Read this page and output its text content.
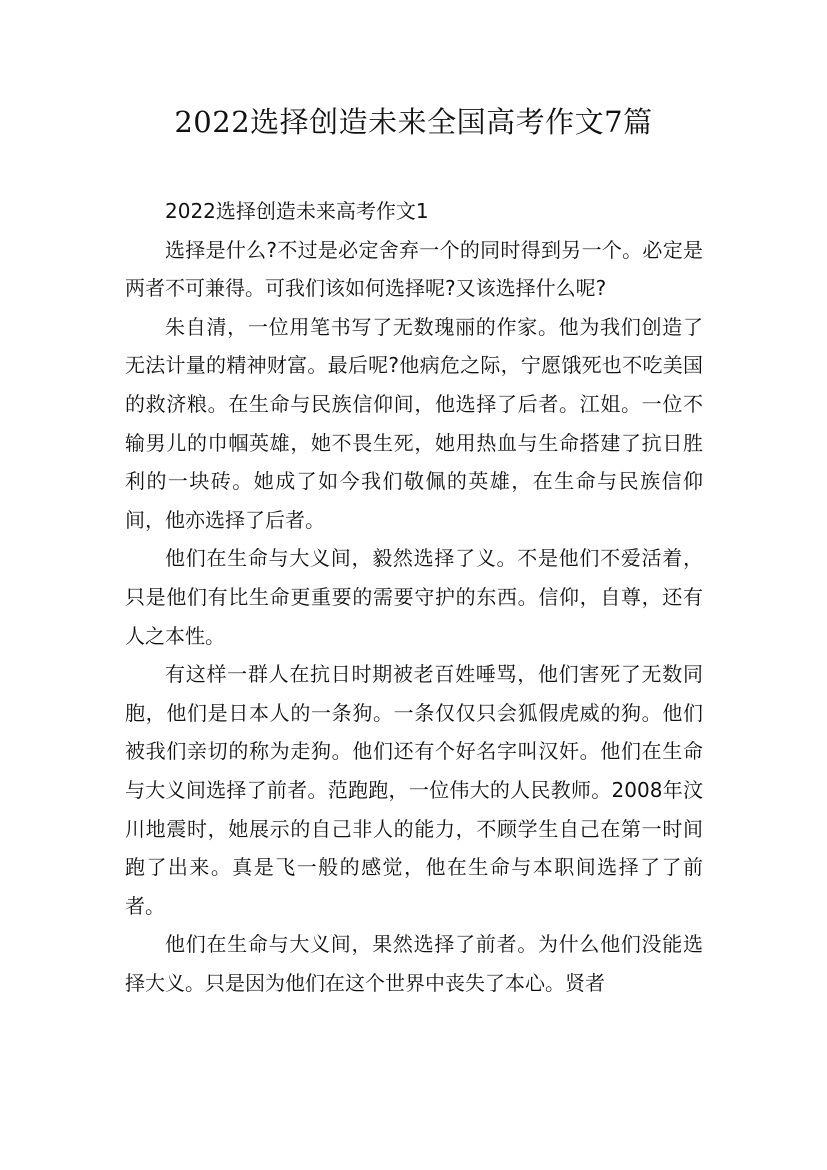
2022选择创造未来全国高考作文7篇

2022选择创造未来高考作文1

选择是什么?不过是必定舍弃一个的同时得到另一个。必定是两者不可兼得。可我们该如何选择呢?又该选择什么呢?

朱自清，一位用笔书写了无数瑰丽的作家。他为我们创造了无法计量的精神财富。最后呢?他病危之际，宁愿饿死也不吃美国的救济粮。在生命与民族信仰间，他选择了后者。江姐。一位不输男儿的巾帼英雄，她不畏生死，她用热血与生命搭建了抗日胜利的一块砖。她成了如今我们敬佩的英雄，在生命与民族信仰间，他亦选择了后者。

他们在生命与大义间，毅然选择了义。不是他们不爱活着，只是他们有比生命更重要的需要守护的东西。信仰，自尊，还有人之本性。

有这样一群人在抗日时期被老百姓唾骂，他们害死了无数同胞，他们是日本人的一条狗。一条仅仅只会狐假虎威的狗。他们被我们亲切的称为走狗。他们还有个好名字叫汉奸。他们在生命与大义间选择了前者。范跑跑，一位伟大的人民教师。2008年汶川地震时，她展示的自己非人的能力，不顾学生自己在第一时间跑了出来。真是飞一般的感觉，他在生命与本职间选择了了前者。

他们在生命与大义间，果然选择了前者。为什么他们没能选择大义。只是因为他们在这个世界中丧失了本心。贤者
